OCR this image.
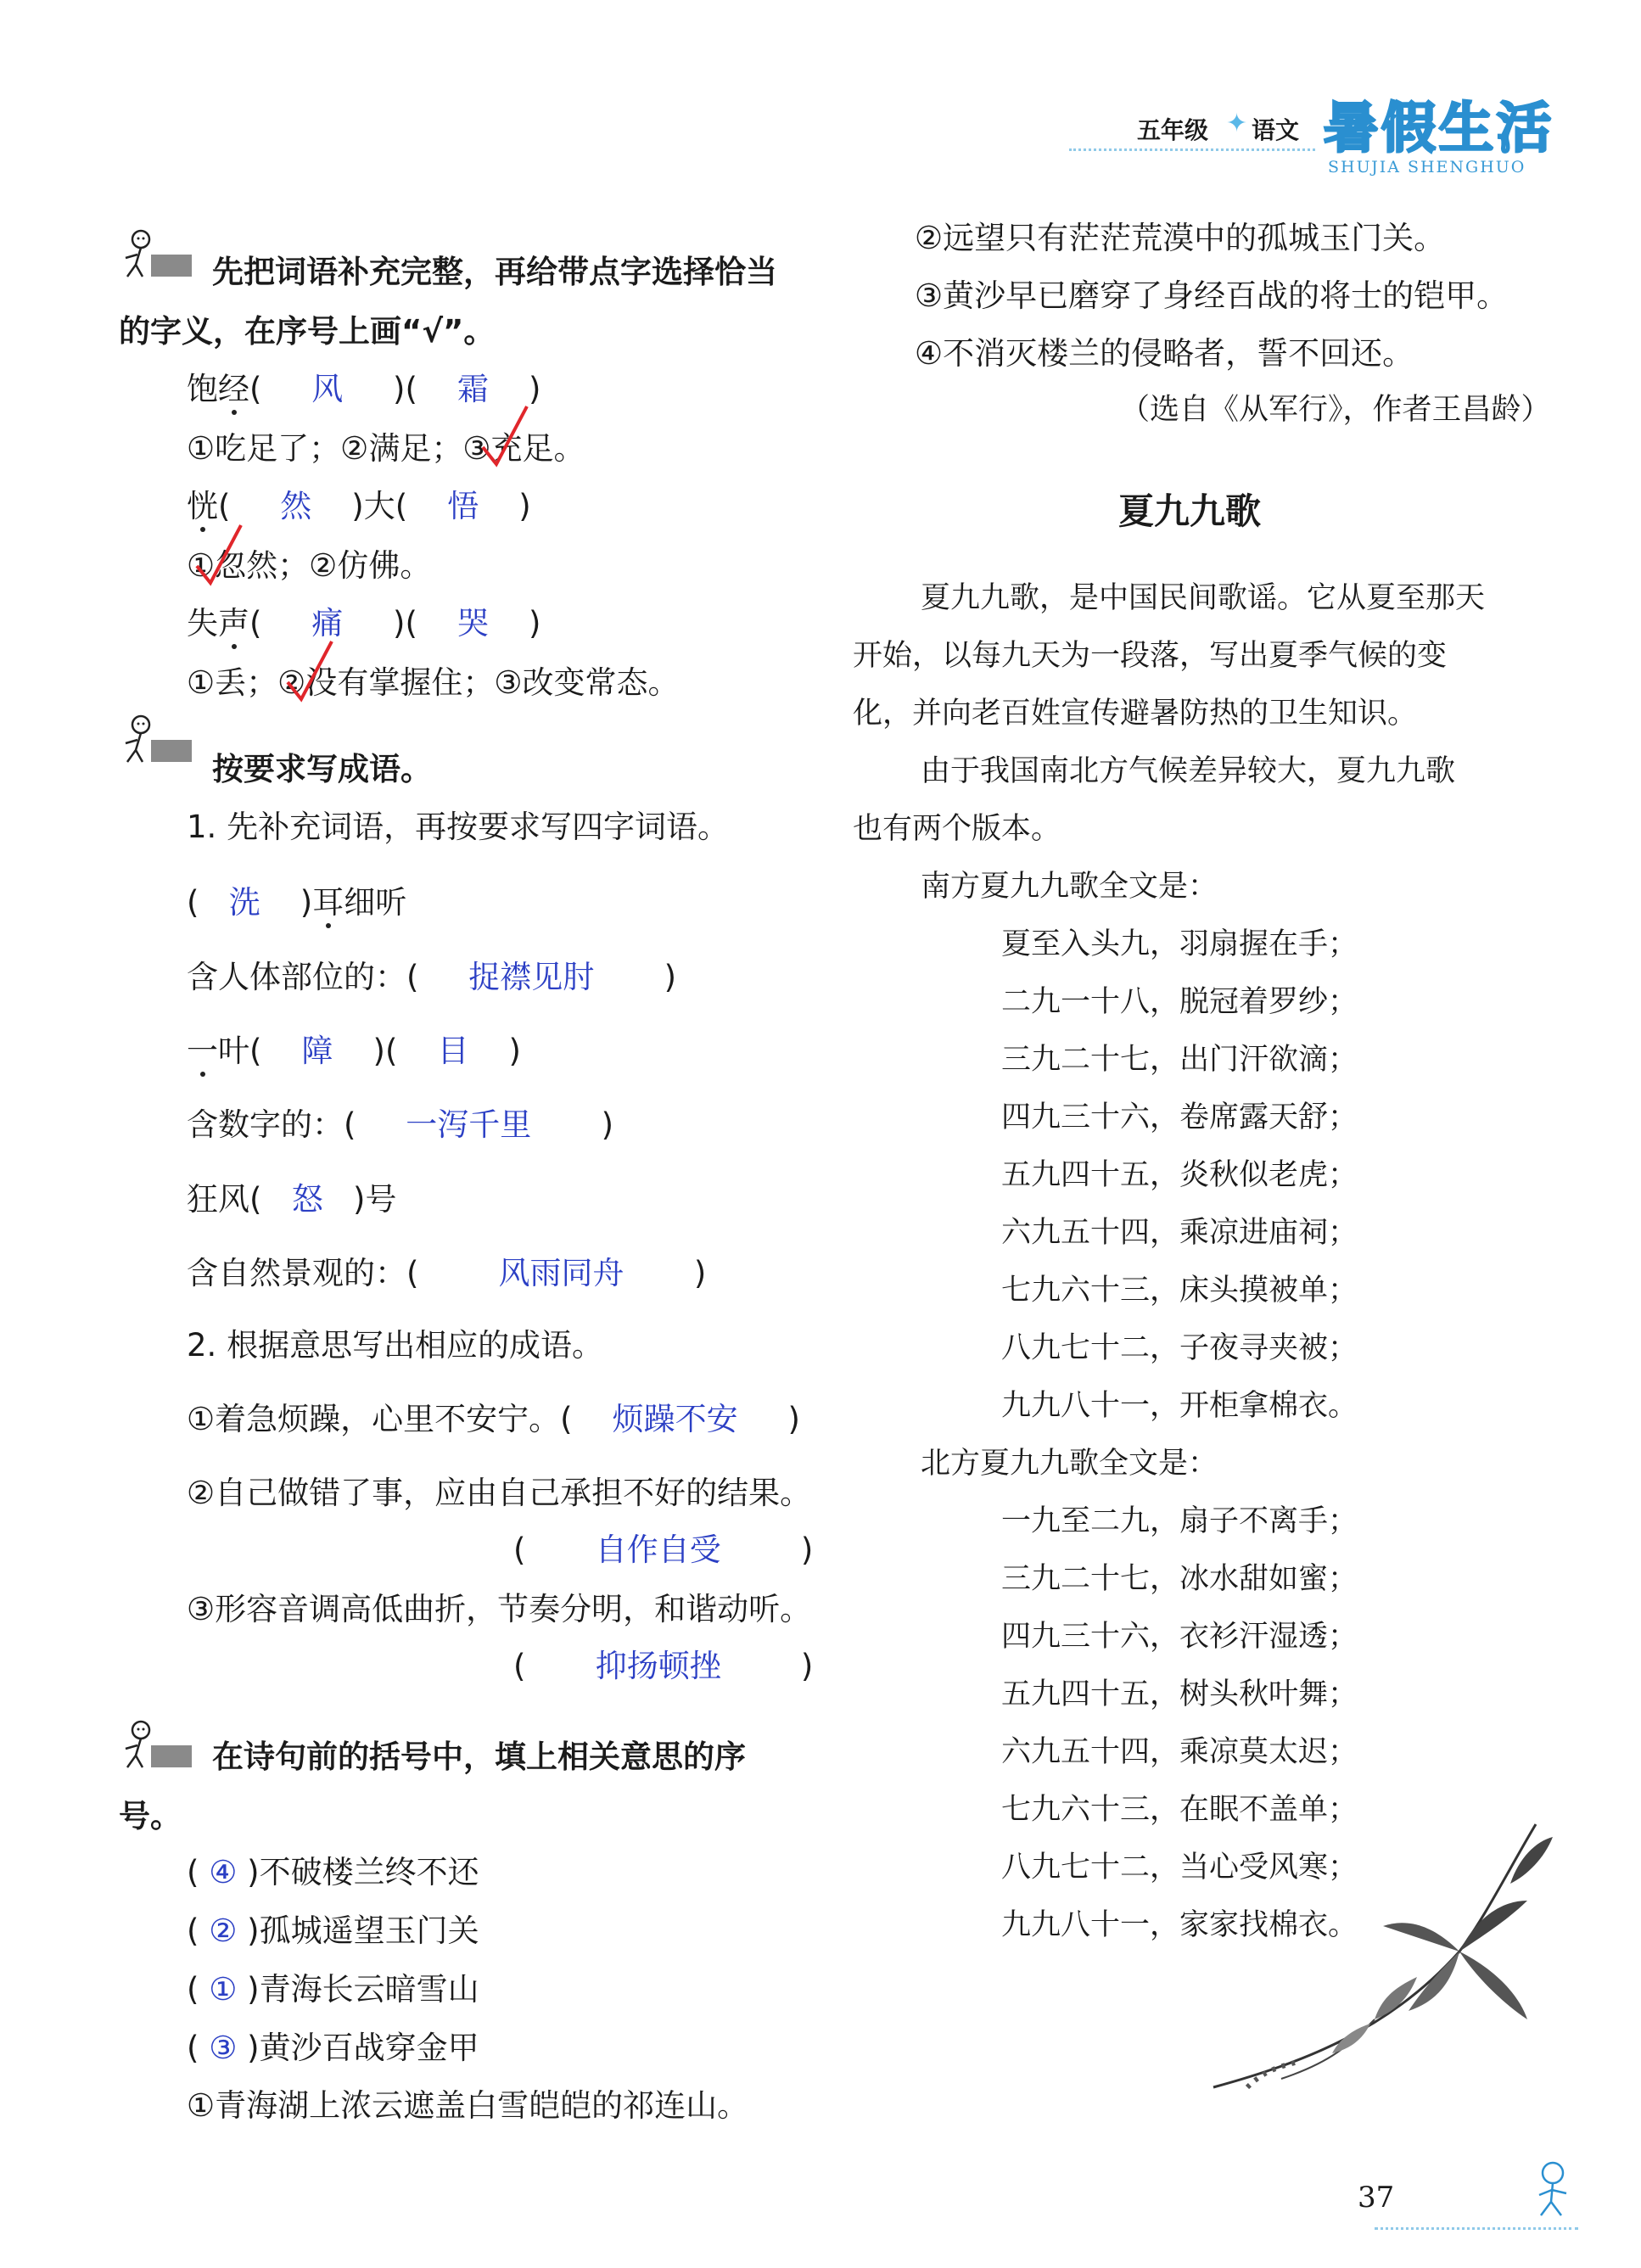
五年级 ✦ 语文 暑假生活
SHUJIA SHENGHUO
先把词语补充完整，再给带点字选择恰当
的字义，在序号上画“√”。
饱经(     风     )(    霜    )
①吃足了；②满足；③充足。
恍(     然    )大(    悟    )
①忽然；②仿佛。
失声(     痛     )(    哭    )
①丢；②没有掌握住；③改变常态。
按要求写成语。
1. 先补充词语，再按要求写四字词语。
(   洗    )耳细听
含人体部位的：( 捉襟见肘       )
一叶( 障    )(    目    )
含数字的：( 一泻千里       )
狂风( 怒 )号
含自然景观的：(	风雨同舟       )
2. 根据意思写出相应的成语。
①着急烦躁，心里不安宁。( 烦躁不安     )
②自己做错了事，应由自己承担不好的结果。
(       自作自受        )
③形容音调高低曲折，节奏分明，和谐动听。
(       抑扬顿挫        )
在诗句前的括号中，填上相关意思的序
号。
( ④ )不破楼兰终不还
( ② )孤城遥望玉门关
( ① )青海长云暗雪山
( ③ )黄沙百战穿金甲
①青海湖上浓云遮盖白雪皑皑的祁连山。
②远望只有茫茫荒漠中的孤城玉门关。
③黄沙早已磨穿了身经百战的将士的铠甲。
④不消灭楼兰的侵略者，誓不回还。
（选自《从军行》，作者王昌龄）
夏九九歌
夏九九歌，是中国民间歌谣。它从夏至那天
开始，以每九天为一段落，写出夏季气候的变
化，并向老百姓宣传避暑防热的卫生知识。
由于我国南北方气候差异较大，夏九九歌
也有两个版本。
南方夏九九歌全文是：
夏至入头九，羽扇握在手；
二九一十八，脱冠着罗纱；
三九二十七，出门汗欲滴；
四九三十六，卷席露天舒；
五九四十五，炎秋似老虎；
六九五十四，乘凉进庙祠；
七九六十三，床头摸被单；
八九七十二，子夜寻夹被；
九九八十一，开柜拿棉衣。
北方夏九九歌全文是：
一九至二九，扇子不离手；
三九二十七，冰水甜如蜜；
四九三十六，衣衫汗湿透；
五九四十五，树头秋叶舞；
六九五十四，乘凉莫太迟；
七九六十三，在眠不盖单；
八九七十二，当心受风寒；
九九八十一，家家找棉衣。
37
